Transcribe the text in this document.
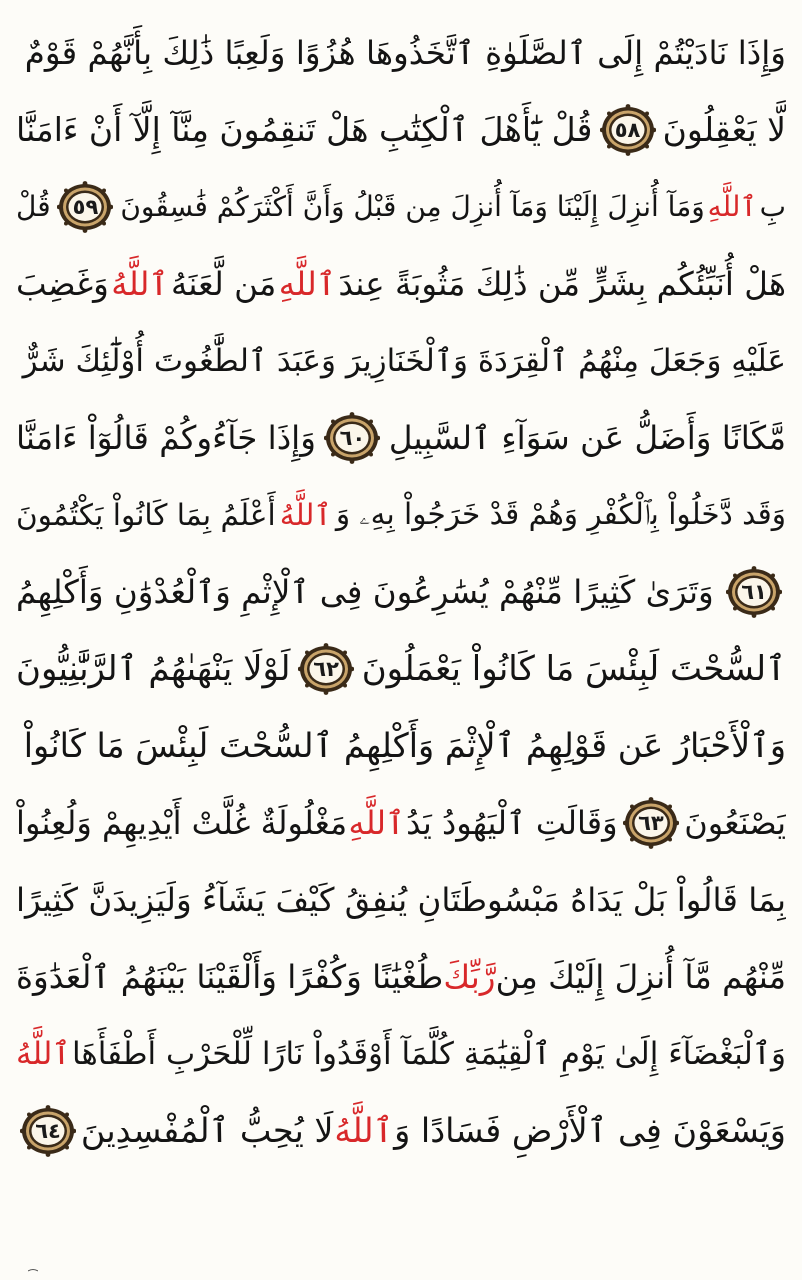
وَإِذَا نَادَيْتُمْ إِلَى ٱلصَّلَوٰةِ ٱتَّخَذُوهَا هُزُوًا وَلَعِبًا ذَٰلِكَ بِأَنَّهُمْ قَوْمٌ
لَّا يَعْقِلُونَ
٥٨
قُلْ يَٰٓأَهْلَ ٱلْكِتَٰبِ هَلْ تَنقِمُونَ مِنَّآ إِلَّآ أَنْ ءَامَنَّا
بِ
ٱللَّهِ
وَمَآ أُنزِلَ إِلَيْنَا وَمَآ أُنزِلَ مِن قَبْلُ وَأَنَّ أَكْثَرَكُمْ فَٰسِقُونَ
٥٩
قُلْ
هَلْ أُنَبِّئُكُم بِشَرٍّ مِّن ذَٰلِكَ مَثُوبَةً عِندَ
ٱللَّهِ
مَن لَّعَنَهُ
ٱللَّهُ
وَغَضِبَ
عَلَيْهِ وَجَعَلَ مِنْهُمُ ٱلْقِرَدَةَ وَٱلْخَنَازِيرَ وَعَبَدَ ٱلطَّٰغُوتَ أُوْلَٰٓئِكَ شَرٌّ
مَّكَانًا وَأَضَلُّ عَن سَوَآءِ ٱلسَّبِيلِ
٦٠
وَإِذَا جَآءُوكُمْ قَالُوٓاْ ءَامَنَّا
وَقَد دَّخَلُواْ بِٱلْكُفْرِ وَهُمْ قَدْ خَرَجُواْ بِهِۦ وَ
ٱللَّهُ
أَعْلَمُ بِمَا كَانُواْ يَكْتُمُونَ
٦١
وَتَرَىٰ كَثِيرًا مِّنْهُمْ يُسَٰرِعُونَ فِى ٱلْإِثْمِ وَٱلْعُدْوَٰنِ وَأَكْلِهِمُ
ٱلسُّحْتَ لَبِئْسَ مَا كَانُواْ يَعْمَلُونَ
٦٢
لَوْلَا يَنْهَىٰهُمُ ٱلرَّبَّٰنِيُّونَ
وَٱلْأَحْبَارُ عَن قَوْلِهِمُ ٱلْإِثْمَ وَأَكْلِهِمُ ٱلسُّحْتَ لَبِئْسَ مَا كَانُواْ
يَصْنَعُونَ
٦٣
وَقَالَتِ ٱلْيَهُودُ يَدُ
ٱللَّهِ
مَغْلُولَةٌ غُلَّتْ أَيْدِيهِمْ وَلُعِنُواْ
بِمَا قَالُواْ بَلْ يَدَاهُ مَبْسُوطَتَانِ يُنفِقُ كَيْفَ يَشَآءُ وَلَيَزِيدَنَّ كَثِيرًا
مِّنْهُم مَّآ أُنزِلَ إِلَيْكَ مِن
رَّبِّكَ
طُغْيَٰنًا وَكُفْرًا وَأَلْقَيْنَا بَيْنَهُمُ ٱلْعَدَٰوَةَ
وَٱلْبَغْضَآءَ إِلَىٰ يَوْمِ ٱلْقِيَٰمَةِ كُلَّمَآ أَوْقَدُواْ نَارًا لِّلْحَرْبِ أَطْفَأَهَا
ٱللَّهُ
وَيَسْعَوْنَ فِى ٱلْأَرْضِ فَسَادًا وَ
ٱللَّهُ
لَا يُحِبُّ ٱلْمُفْسِدِينَ
٦٤
